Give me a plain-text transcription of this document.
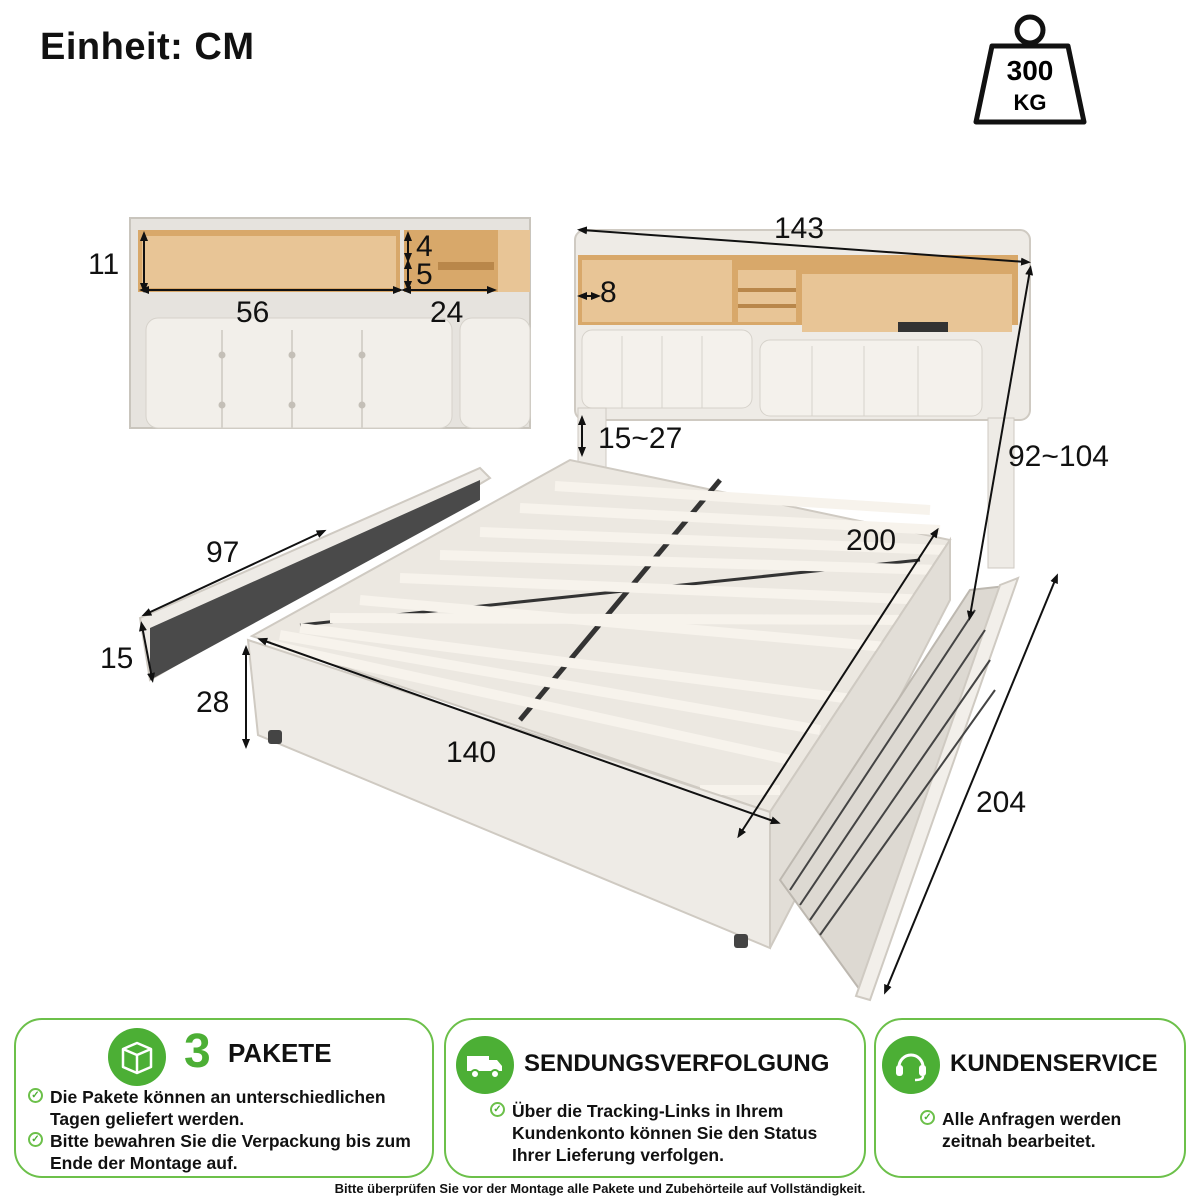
Einheit: CM
300
KG
11
4
5
56	24
143
8
15~27
92~104
97
15
28
200
140
204
3 PAKETE
✓ Die Pakete können an unterschiedlichen Tagen geliefert werden.
✓ Bitte bewahren Sie die Verpackung bis zum Ende der Montage auf.
SENDUNGSVERFOLGUNG
✓ Über die Tracking-Links in Ihrem Kundenkonto können Sie den Status Ihrer Lieferung verfolgen.
KUNDENSERVICE
✓ Alle Anfragen werden zeitnah bearbeitet.
Bitte überprüfen Sie vor der Montage alle Pakete und Zubehörteile auf Vollständigkeit.
